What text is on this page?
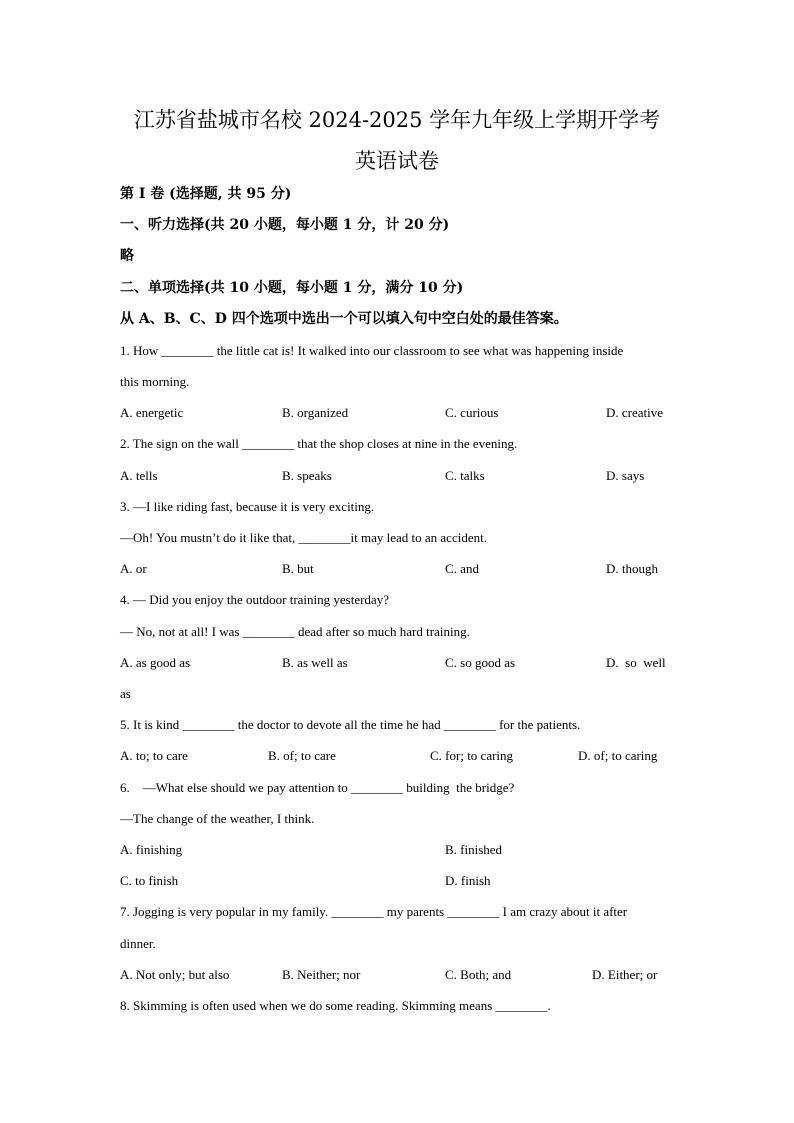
江苏省盐城市名校 2024-2025 学年九年级上学期开学考
英语试卷
第 I 卷 (选择题, 共 95 分)
一、听力选择(共 20 小题，每小题 1 分，计 20 分)
略
二、单项选择(共 10 小题，每小题 1 分，满分 10 分)
从 A、B、C、D 四个选项中选出一个可以填入句中空白处的最佳答案。
1. How ________ the little cat is! It walked into our classroom to see what was happening inside
this morning.
A. energetic	B. organized	C. curious	D. creative
2. The sign on the wall ________ that the shop closes at nine in the evening.
A. tells	B. speaks	C. talks	D. says
3. —I like riding fast, because it is very exciting.
—Oh! You mustn’t do it like that, ________it may lead to an accident.
A. or	B. but	C. and	D. though
4. — Did you enjoy the outdoor training yesterday?
— No, not at all! I was ________ dead after so much hard training.
A. as good as	B. as well as	C. so good as	D.  so  well
as
5. It is kind ________ the doctor to devote all the time he had ________ for the patients.
A. to; to care	B. of; to care	C. for; to caring	D. of; to caring
6.    —What else should we pay attention to ________ building  the bridge?
—The change of the weather, I think.
A. finishing	B. finished
C. to finish	D. finish
7. Jogging is very popular in my family. ________ my parents ________ I am crazy about it after
dinner.
A. Not only; but also	B. Neither; nor	C. Both; and	D. Either; or
8. Skimming is often used when we do some reading. Skimming means ________.
